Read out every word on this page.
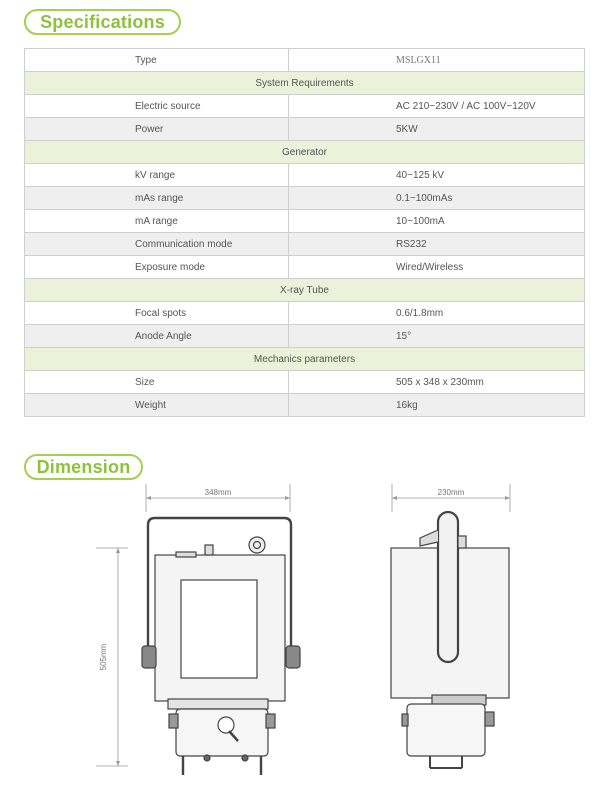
Specifications
Type	MSLGX11
System Requirements	
Electric source	AC 210~230V / AC 100V~120V
Power	5KW
Generator	
kV range	40~125 kV
mAs range	0.1~100mAs
mA range	10~100mA
Communication mode	RS232
Exposure mode	Wired/Wireless
X-ray Tube	
Focal spots	0.6/1.8mm
Anode Angle	15°
Mechanics parameters	
Size	505 x 348 x 230mm
Weight	16kg
Dimension
348mm	230mm
505mm
